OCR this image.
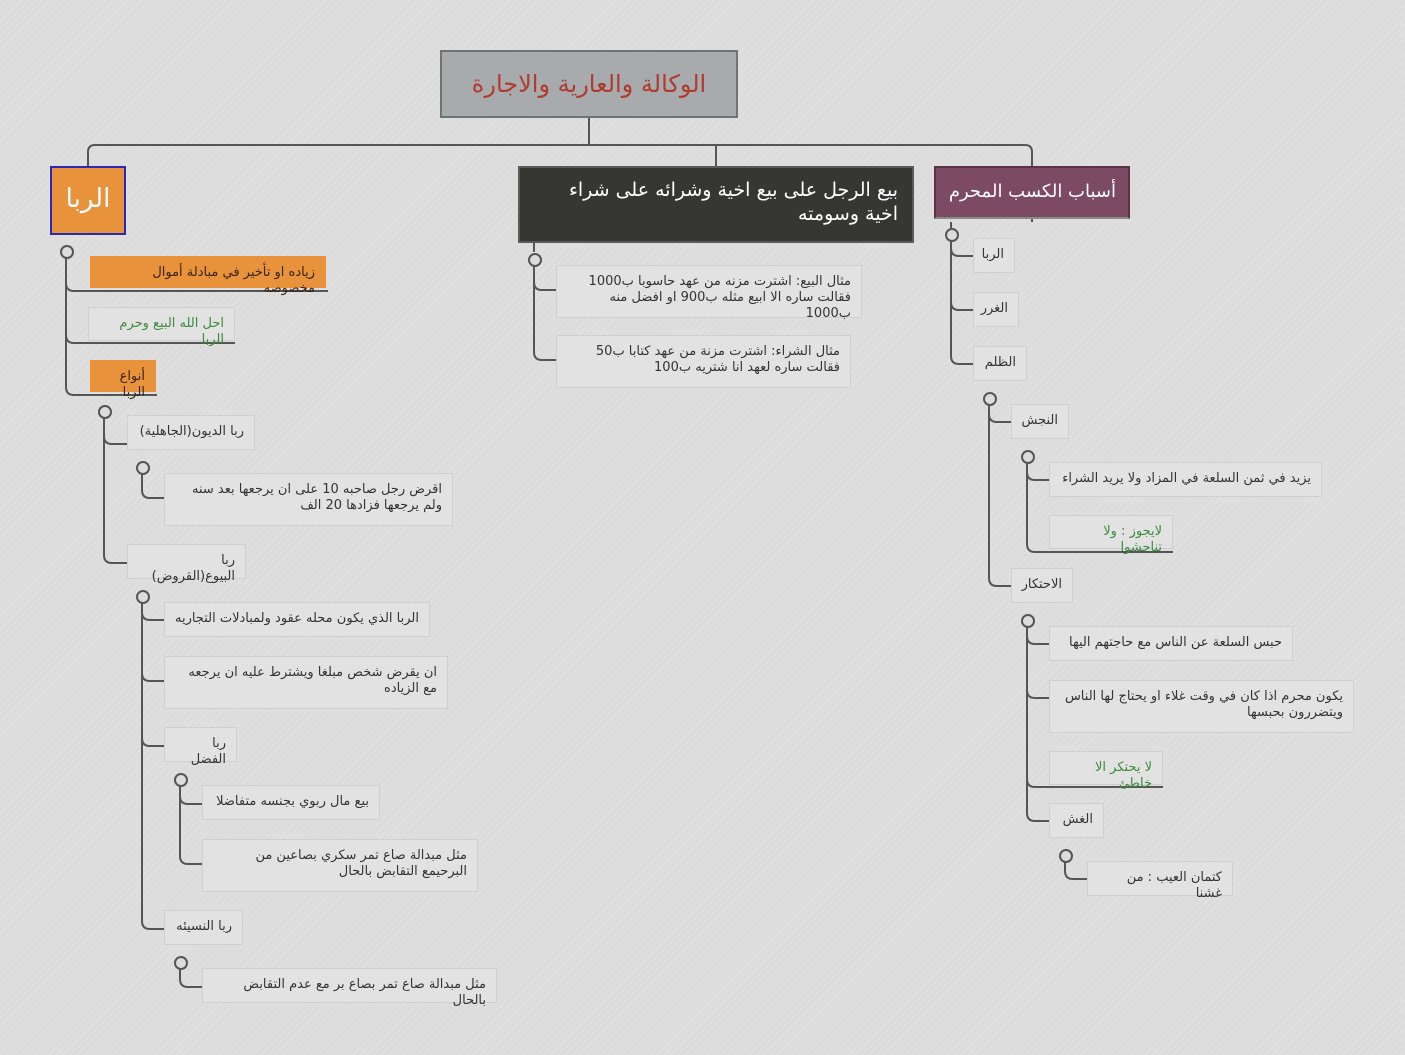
الوكالة والعارية والاجارة
الربا	بيع الرجل على بيع اخية وشرائه على شراء اخية وسومته
أسباب الكسب المحرم
زياده او تأخير في مبادلة أموال مخصوصه
احل الله البيع وحرم الربا
أنواع الربا
ربا الديون(الجاهلية)
اقرض رجل صاحبه 10 على ان يرجعها بعد سنه ولم يرجعها فزادها 20 الف
ربا البيوع(القروض)
الربا الذي يكون محله عقود ولمبادلات التجاريه
ان يقرض شخص مبلغا ويشترط عليه ان يرجعه مع الزياده
ربا الفضل
بيع مال ربوي بجنسه متفاضلا
مثل مبدالة صاع تمر سكري بصاعين من البرحيمع التقابض بالحال
ربا النسيئه
مثل مبدالة صاع تمر بصاع بر مع عدم التقابض بالحال
مثال البيع: اشترت مزنه من عهد حاسوبا ب1000 فقالت ساره الا ابيع مثله ب900 او افضل منه ب1000
مثال الشراء: اشترت مزنة من عهد كتابا ب50 فقالت ساره لعهد انا شتريه ب100
الربا
الغرر
الظلم
النجش
يزيد في ثمن السلعة في المزاد ولا يريد الشراء
لايجوز : ولا تناجشوا
الاحتكار
حبس السلعة عن الناس مع حاجتهم اليها
يكون محرم اذا كان في وقت غلاء او يحتاج لها الناس ويتضررون بحبسها
لا يحتكر الا خاطئ
الغش
كتمان العيب : من غشنا
